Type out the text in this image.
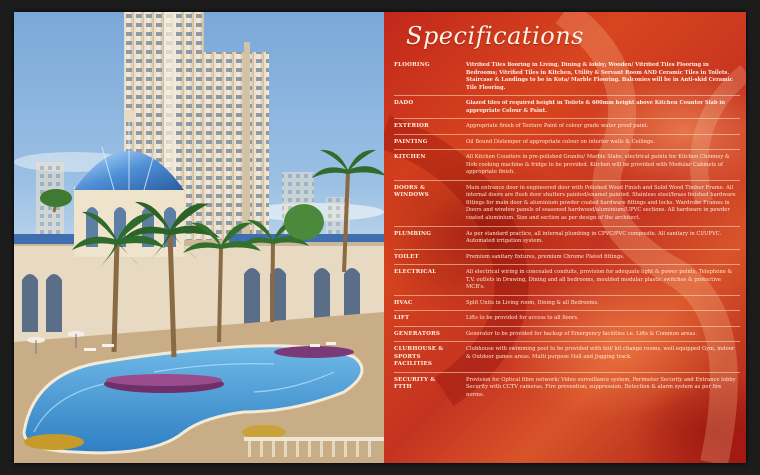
Specifications
FLOORING	Vitrified Tiles flooring in Living, Dining & lobby; Wooden/ Vitrified Tiles Flooring in Bedrooms; Vitrified Tiles in Kitchen, Utility & Servant Room AND Ceramic Tiles in Toilets. Staircase & Landings to be in Kota/ Marble Flooring. Balconies will be in Anti-skid Ceramic Tile Flooring.
DADO	Glazed tiles of required height in Toilets & 600mm height above Kitchen Counter Slab in appropriate Colour & Paint.
EXTERIOR	Appropriate finish of Texture Paint of colour grade water proof paint.
PAINTING	Oil Bound Distemper of appropriate colour on interior walls & Ceilings.
KITCHEN	All Kitchen Counters in pre-polished Granite/ Marble Slabs, electrical points for Kitchen Chimney & Hob cooking machine & fridge to be provided. Kitchen will be provided with Modular Cabinets of appropriate finish.
DOORS & WINDOWS	Main entrance door in engineered door with Polished Wood Finish and Solid Wood Timber Frame. All internal doors are flush door shutters painted/enamel painted. Stainless steel/brass finished hardware fittings for main door & aluminium powder coated hardware fittings and locks. Wardrobe Frames in Doors and window panels of seasoned hardwood/aluminium/UPVC sections. All hardware in powder coated aluminium. Size and section as per design of the architect.
PLUMBING	As per standard practice, all internal plumbing in CPVC/PVC composite. All sanitary in CI/UPVC. Automated irrigation system.
TOILET	Premium sanitary fixtures, premium Chrome Plated fittings.
ELECTRICAL	All electrical wiring in concealed conduits, provision for adequate light & power points, Telephone & T.V. outlets in Drawing, Dining and all bedrooms, moulded modular plastic switches & protective MCB's.
HVAC	Split Units in Living room, Dining & all Bedrooms.
LIFT	Lifts to be provided for access to all floors.
GENERATORS	Generator to be provided for backup of Emergency facilities i.e. Lifts & Common areas.
CLUBHOUSE & SPORTS FACILITIES	Clubhouse with swimming pool to be provided with kid/ kit change rooms, well equipped Gym, indoor & Outdoor games areas. Multi purpose Hall and Jogging track.
SECURITY & FTTH	Provision for Optical fibre network/ Video surveillance system, Perimeter Security and Entrance lobby Security with CCTV cameras. Fire prevention, suppression. Detection & alarm system as per fire norms.
